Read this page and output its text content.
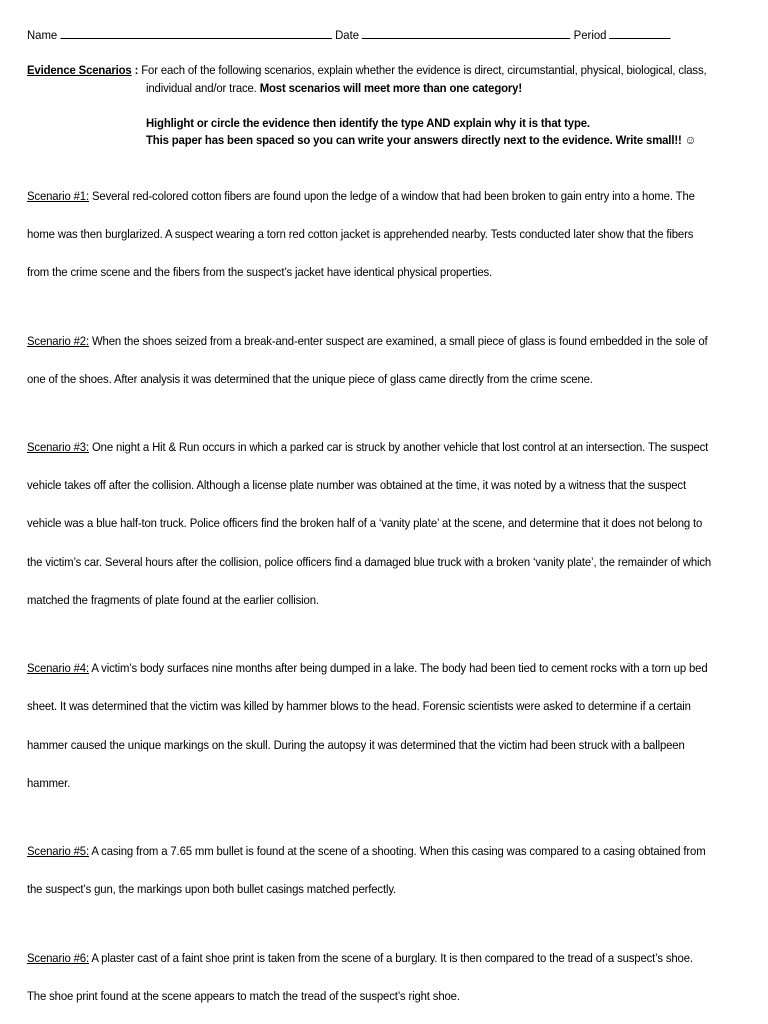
Name	Date	Period
Evidence Scenarios : For each of the following scenarios, explain whether the evidence is direct, circumstantial, physical, biological, class,
individual and/or trace. Most scenarios will meet more than one category!
Highlight or circle the evidence then identify the type AND explain why it is that type.
This paper has been spaced so you can write your answers directly next to the evidence. Write small!! ☺
Scenario #1: Several red-colored cotton fibers are found upon the ledge of a window that had been broken to gain entry into a home. The
home was then burglarized. A suspect wearing a torn red cotton jacket is apprehended nearby. Tests conducted later show that the fibers
from the crime scene and the fibers from the suspect’s jacket have identical physical properties.
Scenario #2: When the shoes seized from a break-and-enter suspect are examined, a small piece of glass is found embedded in the sole of
one of the shoes. After analysis it was determined that the unique piece of glass came directly from the crime scene.
Scenario #3: One night a Hit & Run occurs in which a parked car is struck by another vehicle that lost control at an intersection. The suspect
vehicle takes off after the collision. Although a license plate number was obtained at the time, it was noted by a witness that the suspect
vehicle was a blue half-ton truck. Police officers find the broken half of a ‘vanity plate’ at the scene, and determine that it does not belong to
the victim’s car. Several hours after the collision, police officers find a damaged blue truck with a broken ‘vanity plate’, the remainder of which
matched the fragments of plate found at the earlier collision.
Scenario #4: A victim’s body surfaces nine months after being dumped in a lake. The body had been tied to cement rocks with a torn up bed
sheet. It was determined that the victim was killed by hammer blows to the head. Forensic scientists were asked to determine if a certain
hammer caused the unique markings on the skull. During the autopsy it was determined that the victim had been struck with a ballpeen
hammer.
Scenario #5: A casing from a 7.65 mm bullet is found at the scene of a shooting. When this casing was compared to a casing obtained from
the suspect’s gun, the markings upon both bullet casings matched perfectly.
Scenario #6: A plaster cast of a faint shoe print is taken from the scene of a burglary. It is then compared to the tread of a suspect’s shoe.
The shoe print found at the scene appears to match the tread of the suspect’s right shoe.
